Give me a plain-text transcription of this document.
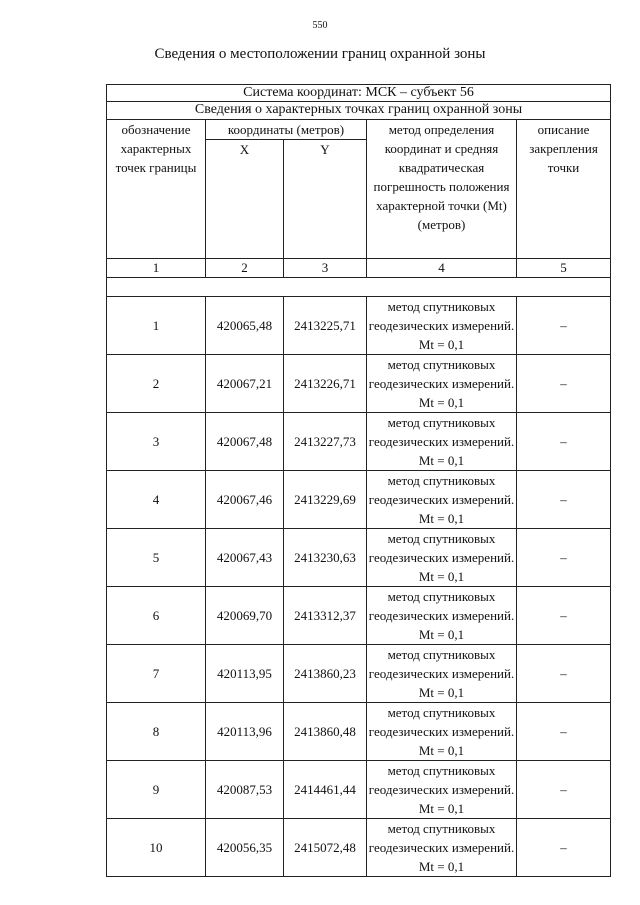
550
Сведения о местоположении границ охранной зоны
Система координат: МСК – субъект 56				
Сведения о характерных точках границ охранной зоны				
обозначение характерных точек границы	координаты (метров)		метод определения координат и средняя квадратическая погрешность положения характерной точки (Mt) (метров)	описание закрепления точки
	X	Y		
1	2	3	4	5

1	420065,48	2413225,71	метод спутниковых геодезических измерений. Mt = 0,1	–
2	420067,21	2413226,71	метод спутниковых геодезических измерений. Mt = 0,1	–
3	420067,48	2413227,73	метод спутниковых геодезических измерений. Mt = 0,1	–
4	420067,46	2413229,69	метод спутниковых геодезических измерений. Mt = 0,1	–
5	420067,43	2413230,63	метод спутниковых геодезических измерений. Mt = 0,1	–
6	420069,70	2413312,37	метод спутниковых геодезических измерений. Mt = 0,1	–
7	420113,95	2413860,23	метод спутниковых геодезических измерений. Mt = 0,1	–
8	420113,96	2413860,48	метод спутниковых геодезических измерений. Mt = 0,1	–
9	420087,53	2414461,44	метод спутниковых геодезических измерений. Mt = 0,1	–
10	420056,35	2415072,48	метод спутниковых геодезических измерений. Mt = 0,1	–
